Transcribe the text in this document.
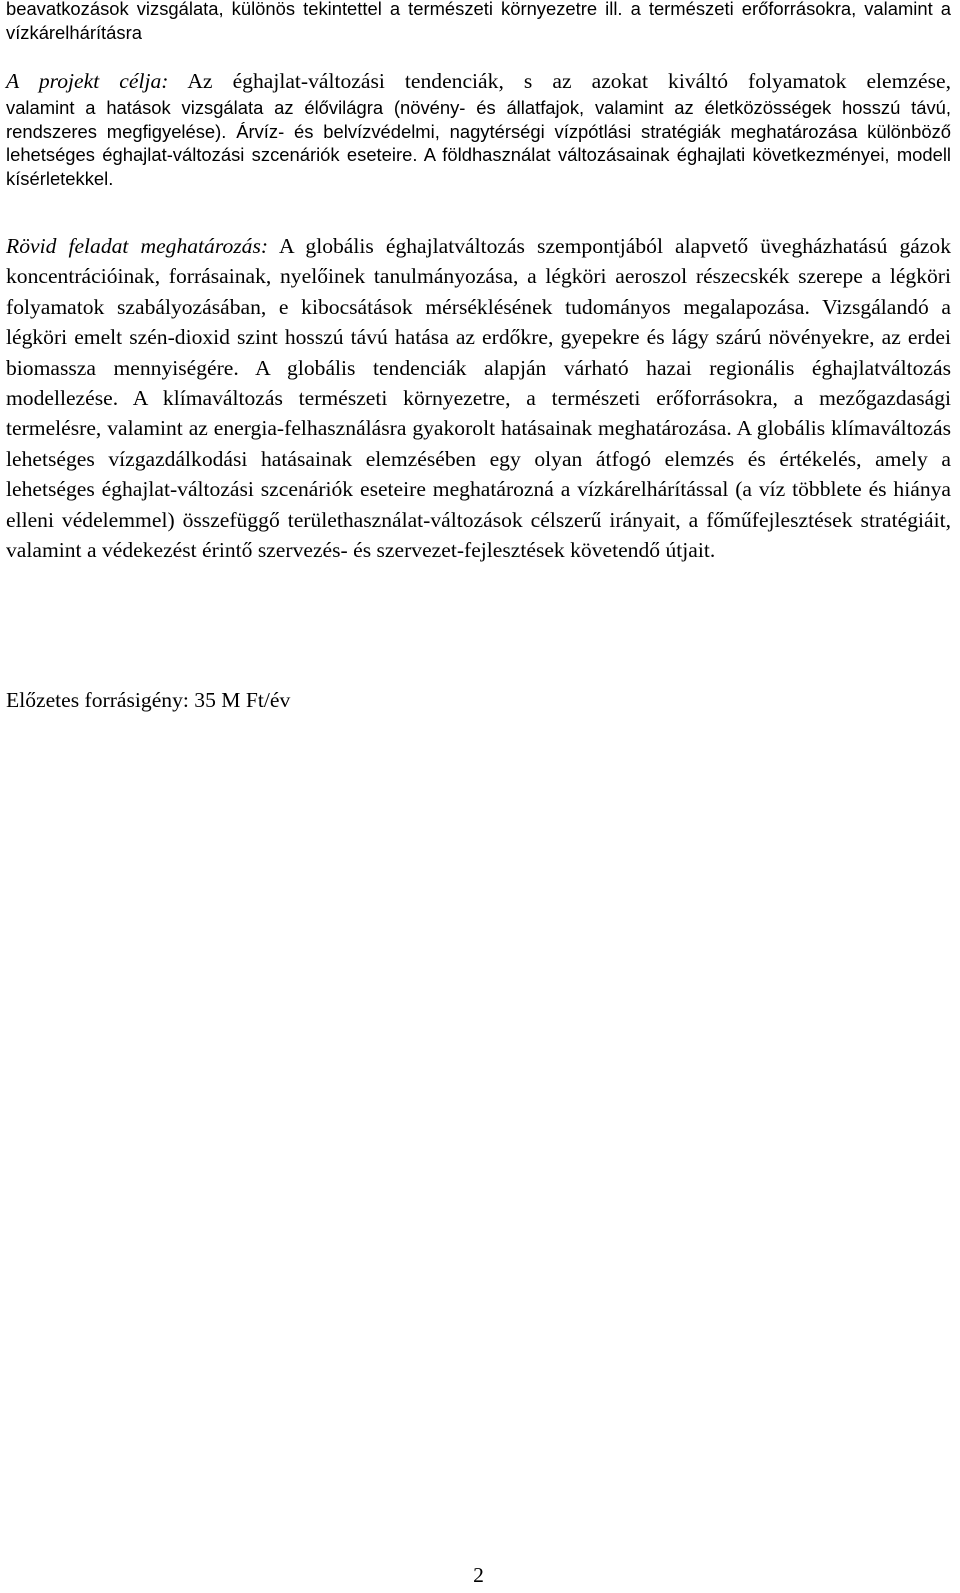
beavatkozások vizsgálata, különös tekintettel a természeti környezetre ill. a természeti erőforrásokra, valamint a vízkárelhárításra

A projekt célja: Az éghajlat-változási tendenciák, s az azokat kiváltó folyamatok elemzése,
valamint a hatások vizsgálata az élővilágra (növény- és állatfajok, valamint az életközösségek hosszú távú, rendszeres megfigyelése). Árvíz- és belvízvédelmi, nagytérségi vízpótlási stratégiák meghatározása különböző lehetséges éghajlat-változási szcenáriók eseteire. A földhasználat változásainak éghajlati következményei, modell kísérletekkel.

Rövid feladat meghatározás: A globális éghajlatváltozás szempontjából alapvető üvegházhatású gázok koncentrációinak, forrásainak, nyelőinek tanulmányozása, a légköri aeroszol részecskék szerepe a légköri folyamatok szabályozásában, e kibocsátások mérséklésének tudományos megalapozása. Vizsgálandó a légköri emelt szén-dioxid szint hosszú távú hatása az erdőkre, gyepekre és lágy szárú növényekre, az erdei biomassza mennyiségére. A globális tendenciák alapján várható hazai regionális éghajlatváltozás modellezése. A klímaváltozás természeti környezetre, a természeti erőforrásokra, a mezőgazdasági termelésre, valamint az energia-felhasználásra gyakorolt hatásainak meghatározása. A globális klímaváltozás lehetséges vízgazdálkodási hatásainak elemzésében egy olyan átfogó elemzés és értékelés, amely a lehetséges éghajlat-változási szcenáriók eseteire meghatározná a vízkárelhárítással (a víz többlete és hiánya elleni védelemmel) összefüggő területhasználat-változások célszerű irányait, a főműfejlesztések stratégiáit, valamint a védekezést érintő szervezés- és szervezet-fejlesztések követendő útjait.

Előzetes forrásigény: 35 M Ft/év

2
